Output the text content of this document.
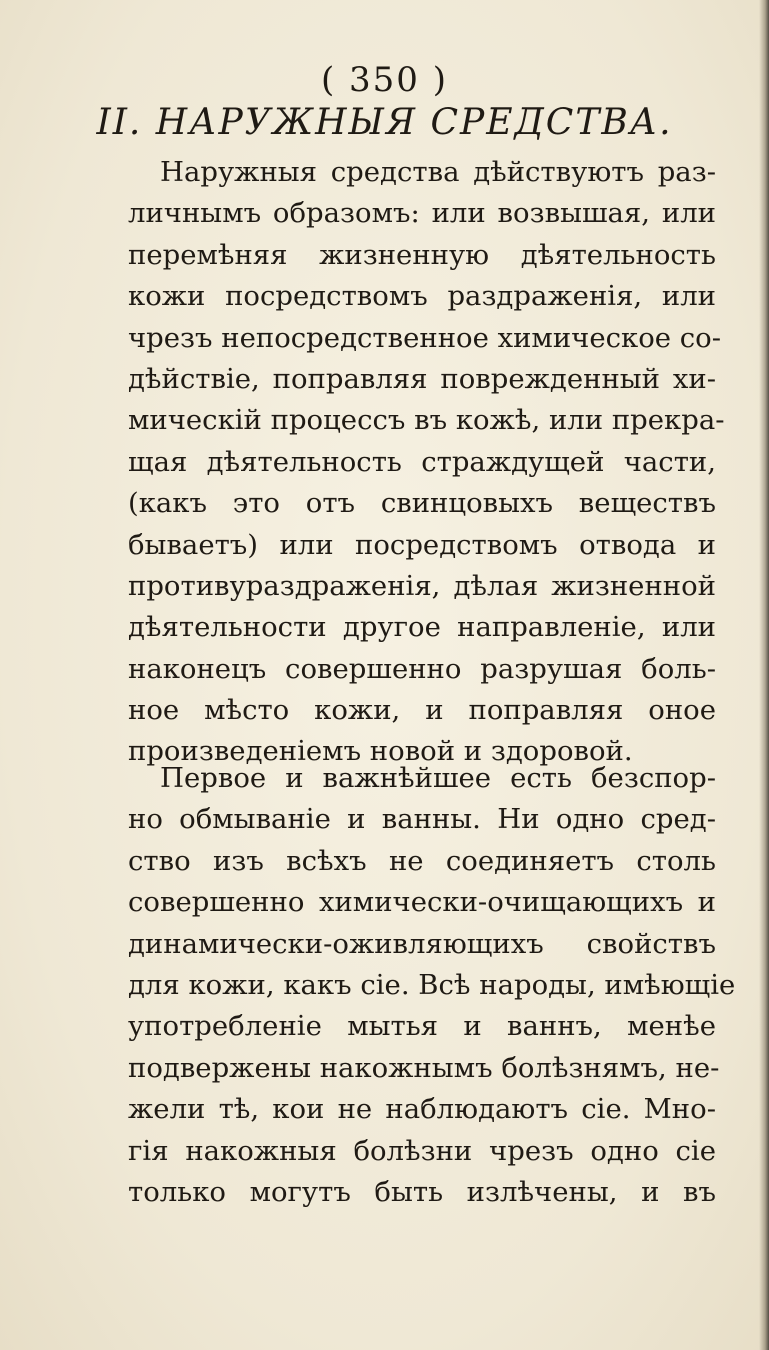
( 350 )
II. НАРУЖНЫЯ СРЕДСТВА.
Наружныя средства дѣйствуютъ раз-
личнымъ образомъ: или возвышая, или
перемѣняя жизненную дѣятельность
кожи посредствомъ раздраженія, или
чрезъ непосредственное химическое со-
дѣйствіе, поправляя поврежденный хи-
мическій процессъ въ кожѣ, или прекра-
щая дѣятельность страждущей части,
(какъ это отъ свинцовыхъ веществъ
бываетъ) или посредствомъ отвода и
противураздраженія, дѣлая жизненной
дѣятельности другое направленіе, или
наконецъ совершенно разрушая боль-
ное мѣсто кожи, и поправляя оное
произведеніемъ новой и здоровой.
Первое и важнѣйшее есть безспор-
но обмываніе и ванны. Ни одно сред-
ство изъ всѣхъ не соединяетъ столь
совершенно химически-очищающихъ и
динамически-оживляющихъ свойствъ
для кожи, какъ сіе. Всѣ народы, имѣющіе
употребленіе мытья и ваннъ, менѣе
подвержены накожнымъ болѣзнямъ, не-
жели тѣ, кои не наблюдаютъ сіе. Мно-
гія накожныя болѣзни чрезъ одно сіе
только могутъ быть излѣчены, и въ
